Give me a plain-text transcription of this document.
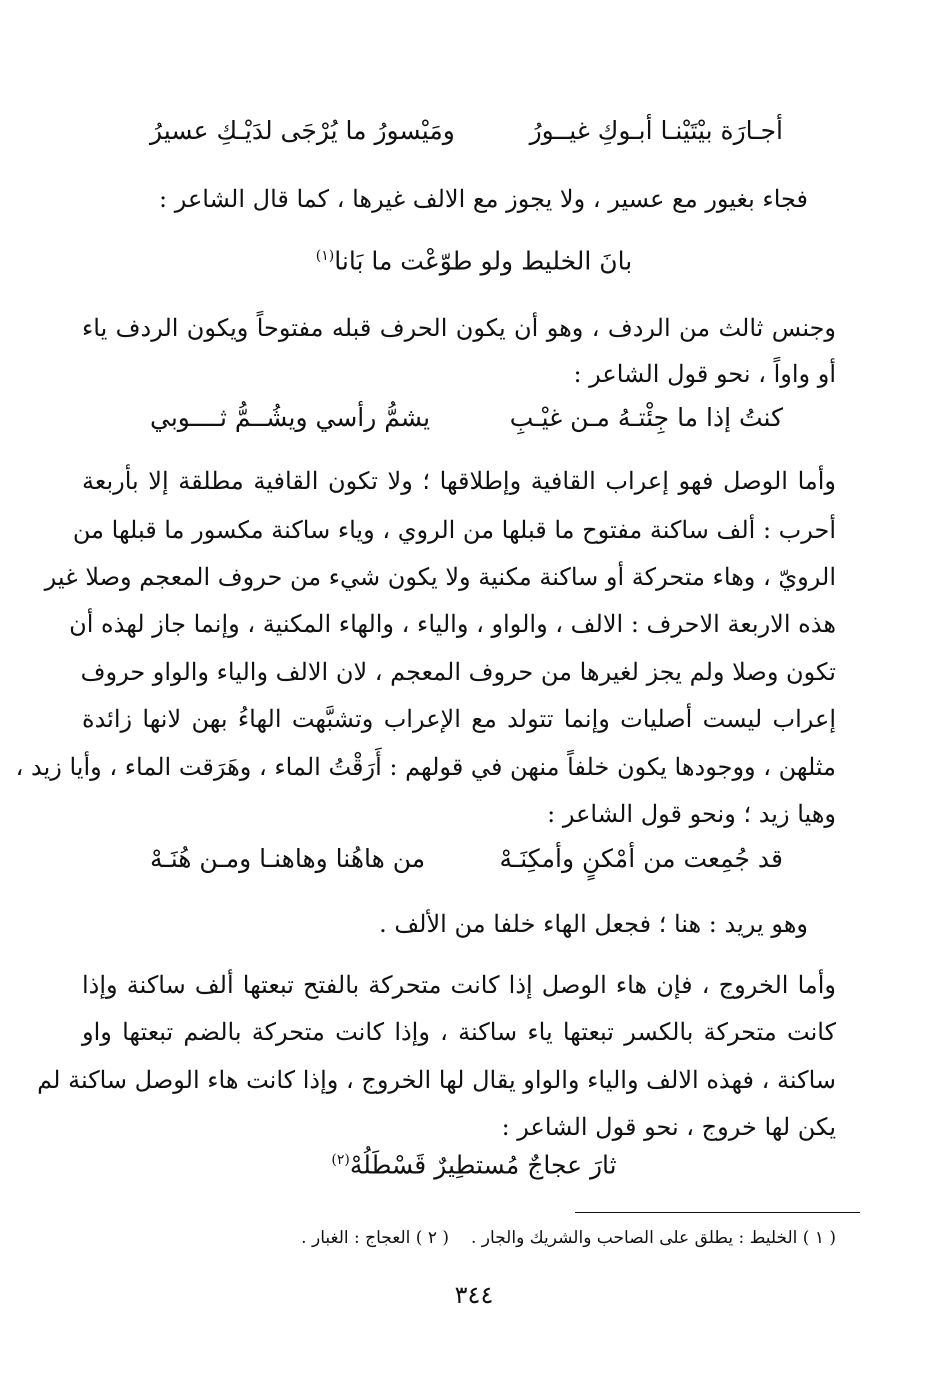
أجـارَة بيْتَيْنـا أبـوكِ غيــورُ
ومَيْسورُ ما يُرْجَى لدَيْـكِ عسيرُ
فجاء بغيور مع عسير ، ولا يجوز مع الالف غيرها ، كما قال الشاعر :
بانَ الخليط ولو طوّعْت ما بَانا$^{(١)}$
وجنس ثالث من الردف ، وهو أن يكون الحرف قبله مفتوحاً ويكون الردف ياء
أو واواً ، نحو قول الشاعر :
كنتُ إذا ما جِئْتـهُ مـن غيْـبِ
يشمُّ رأسي ويشُــمُّ ثــــوبي
وأما الوصل فهو إعراب القافية وإطلاقها ؛ ولا تكون القافية مطلقة إلا بأربعة
أحرب : ألف ساكنة مفتوح ما قبلها من الروي ، وياء ساكنة مكسور ما قبلها من
الرويّ ، وهاء متحركة أو ساكنة مكنية ولا يكون شيء من حروف المعجم وصلا غير
هذه الاربعة الاحرف : الالف ، والواو ، والياء ، والهاء المكنية ، وإنما جاز لهذه أن
تكون وصلا ولم يجز لغيرها من حروف المعجم ، لان الالف والياء والواو حروف
إعراب ليست أصليات وإنما تتولد مع الإعراب وتشبَّهت الهاءُ بهن لانها زائدة
مثلهن ، ووجودها يكون خلفاً منهن في قولهم : أَرَقْتُ الماء ، وهَرَقت الماء ، وأيا زيد ،
وهيا زيد ؛ ونحو قول الشاعر :
قد جُمِعت من أمْكنٍ وأمكِنَـهْ
من هاهُنا وهاهنـا ومـن هُنَـهْ
وهو يريد : هنا ؛ فجعل الهاء خلفا من الألف .
وأما الخروج ، فإن هاء الوصل إذا كانت متحركة بالفتح تبعتها ألف ساكنة وإذا
كانت متحركة بالكسر تبعتها ياء ساكنة ، وإذا كانت متحركة بالضم تبعتها واو
ساكنة ، فهذه الالف والياء والواو يقال لها الخروج ، وإذا كانت هاء الوصل ساكنة لم
يكن لها خروج ، نحو قول الشاعر :
ثارَ عجاجٌ مُستطِيرٌ قَسْطَلُهْ$^{(٢)}$
( ١ ) الخليط : يطلق على الصاحب والشريك والجار .( ٢ ) العجاج : الغبار .
٣٤٤
